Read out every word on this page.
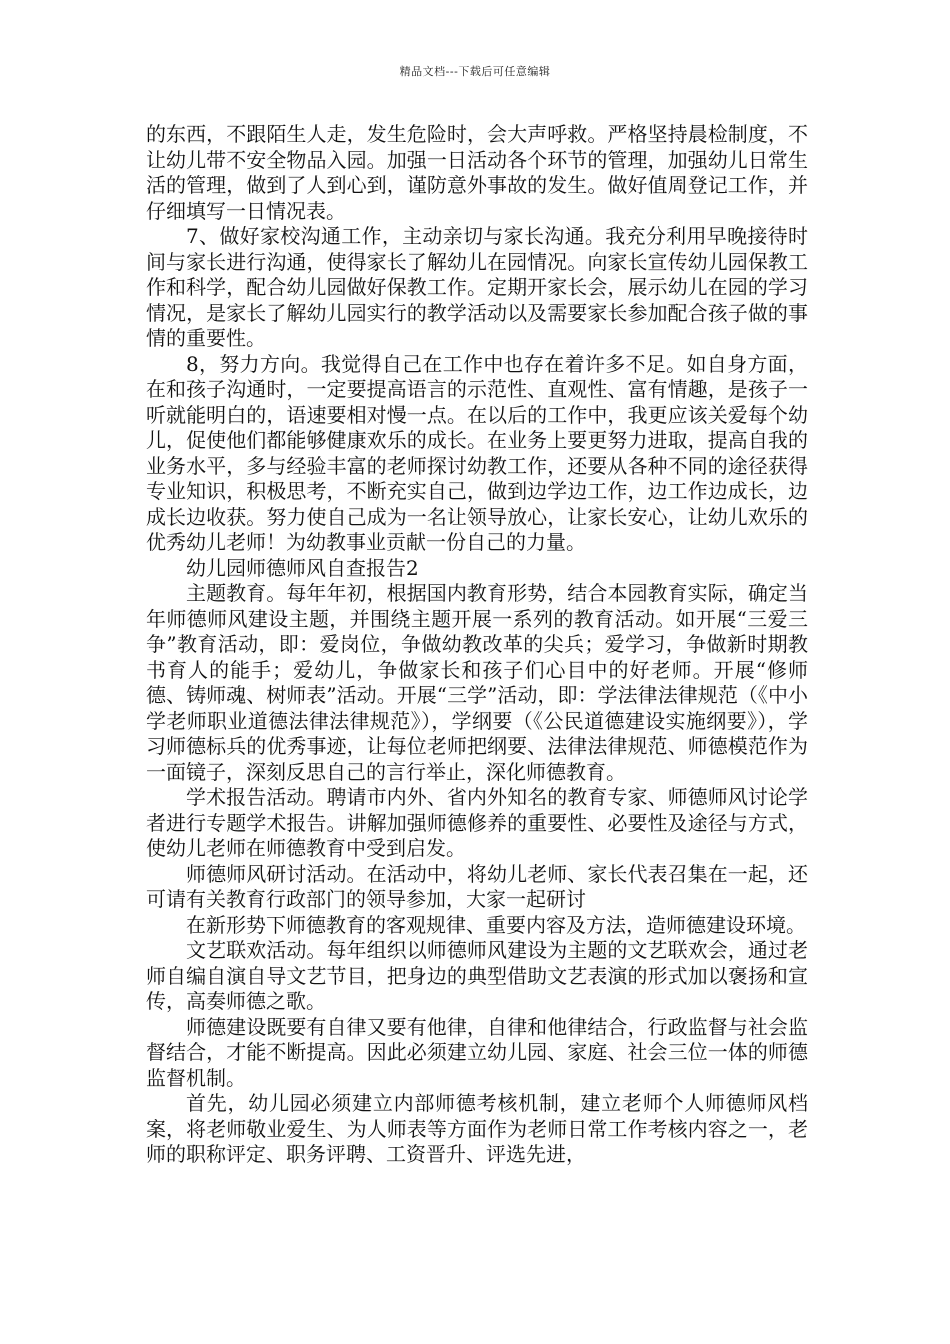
精品文档---下载后可任意编辑

的东西，不跟陌生人走，发生危险时，会大声呼救。严格坚持晨检制度，不让幼儿带不安全物品入园。加强一日活动各个环节的管理，加强幼儿日常生活的管理，做到了人到心到，谨防意外事故的发生。做好值周登记工作，并仔细填写一日情况表。

7、做好家校沟通工作，主动亲切与家长沟通。我充分利用早晚接待时间与家长进行沟通，使得家长了解幼儿在园情况。向家长宣传幼儿园保教工作和科学，配合幼儿园做好保教工作。定期开家长会，展示幼儿在园的学习情况，是家长了解幼儿园实行的教学活动以及需要家长参加配合孩子做的事情的重要性。

8，努力方向。我觉得自己在工作中也存在着许多不足。如自身方面，在和孩子沟通时，一定要提高语言的示范性、直观性、富有情趣，是孩子一听就能明白的，语速要相对慢一点。在以后的工作中，我更应该关爱每个幼儿，促使他们都能够健康欢乐的成长。在业务上要更努力进取，提高自我的业务水平，多与经验丰富的老师探讨幼教工作，还要从各种不同的途径获得专业知识，积极思考，不断充实自己，做到边学边工作，边工作边成长，边成长边收获。努力使自己成为一名让领导放心，让家长安心，让幼儿欢乐的优秀幼儿老师！为幼教事业贡献一份自己的力量。

幼儿园师德师风自查报告2

主题教育。每年年初，根据国内教育形势，结合本园教育实际，确定当年师德师风建设主题，并围绕主题开展一系列的教育活动。如开展“三爱三争”教育活动，即：爱岗位，争做幼教改革的尖兵；爱学习，争做新时期教书育人的能手；爱幼儿，争做家长和孩子们心目中的好老师。开展“修师德、铸师魂、树师表”活动。开展“三学”活动，即：学法律法律规范（《中小学老师职业道德法律法律规范》），学纲要（《公民道德建设实施纲要》），学习师德标兵的优秀事迹，让每位老师把纲要、法律法律规范、师德模范作为一面镜子，深刻反思自己的言行举止，深化师德教育。

学术报告活动。聘请市内外、省内外知名的教育专家、师德师风讨论学者进行专题学术报告。讲解加强师德修养的重要性、必要性及途径与方式，使幼儿老师在师德教育中受到启发。

师德师风研讨活动。在活动中，将幼儿老师、家长代表召集在一起，还可请有关教育行政部门的领导参加，大家一起研讨

在新形势下师德教育的客观规律、重要内容及方法，造师德建设环境。

文艺联欢活动。每年组织以师德师风建设为主题的文艺联欢会，通过老师自编自演自导文艺节目，把身边的典型借助文艺表演的形式加以褒扬和宣传，高奏师德之歌。

师德建设既要有自律又要有他律，自律和他律结合，行政监督与社会监督结合，才能不断提高。因此必须建立幼儿园、家庭、社会三位一体的师德监督机制。

首先，幼儿园必须建立内部师德考核机制，建立老师个人师德师风档案，将老师敬业爱生、为人师表等方面作为老师日常工作考核内容之一，老师的职称评定、职务评聘、工资晋升、评选先进，
